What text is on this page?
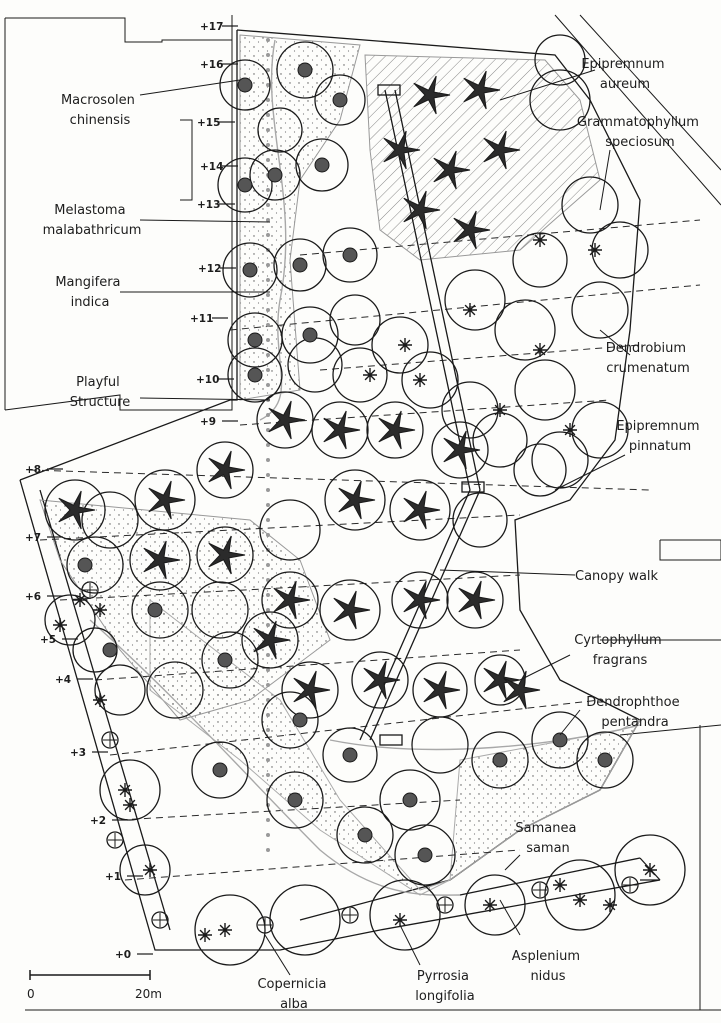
+17
+16
+15
+14
+13
+12
+11
+10
+9
+8
+7
+6
+5
+4
+3
+2
+1
+0
Macrosolen chinensis
Melastoma malabathricum
Mangifera indica
Playful Structure
Epipremnum aureum
Grammatophyllum speciosum
Dendrobium crumenatum
Epipremnum pinnatum
Canopy walk
Cyrtophyllum fragrans
Dendrophthoe pentandra
Samanea saman
Asplenium nidus
Pyrrosia longifolia
Copernicia alba
0	20m
